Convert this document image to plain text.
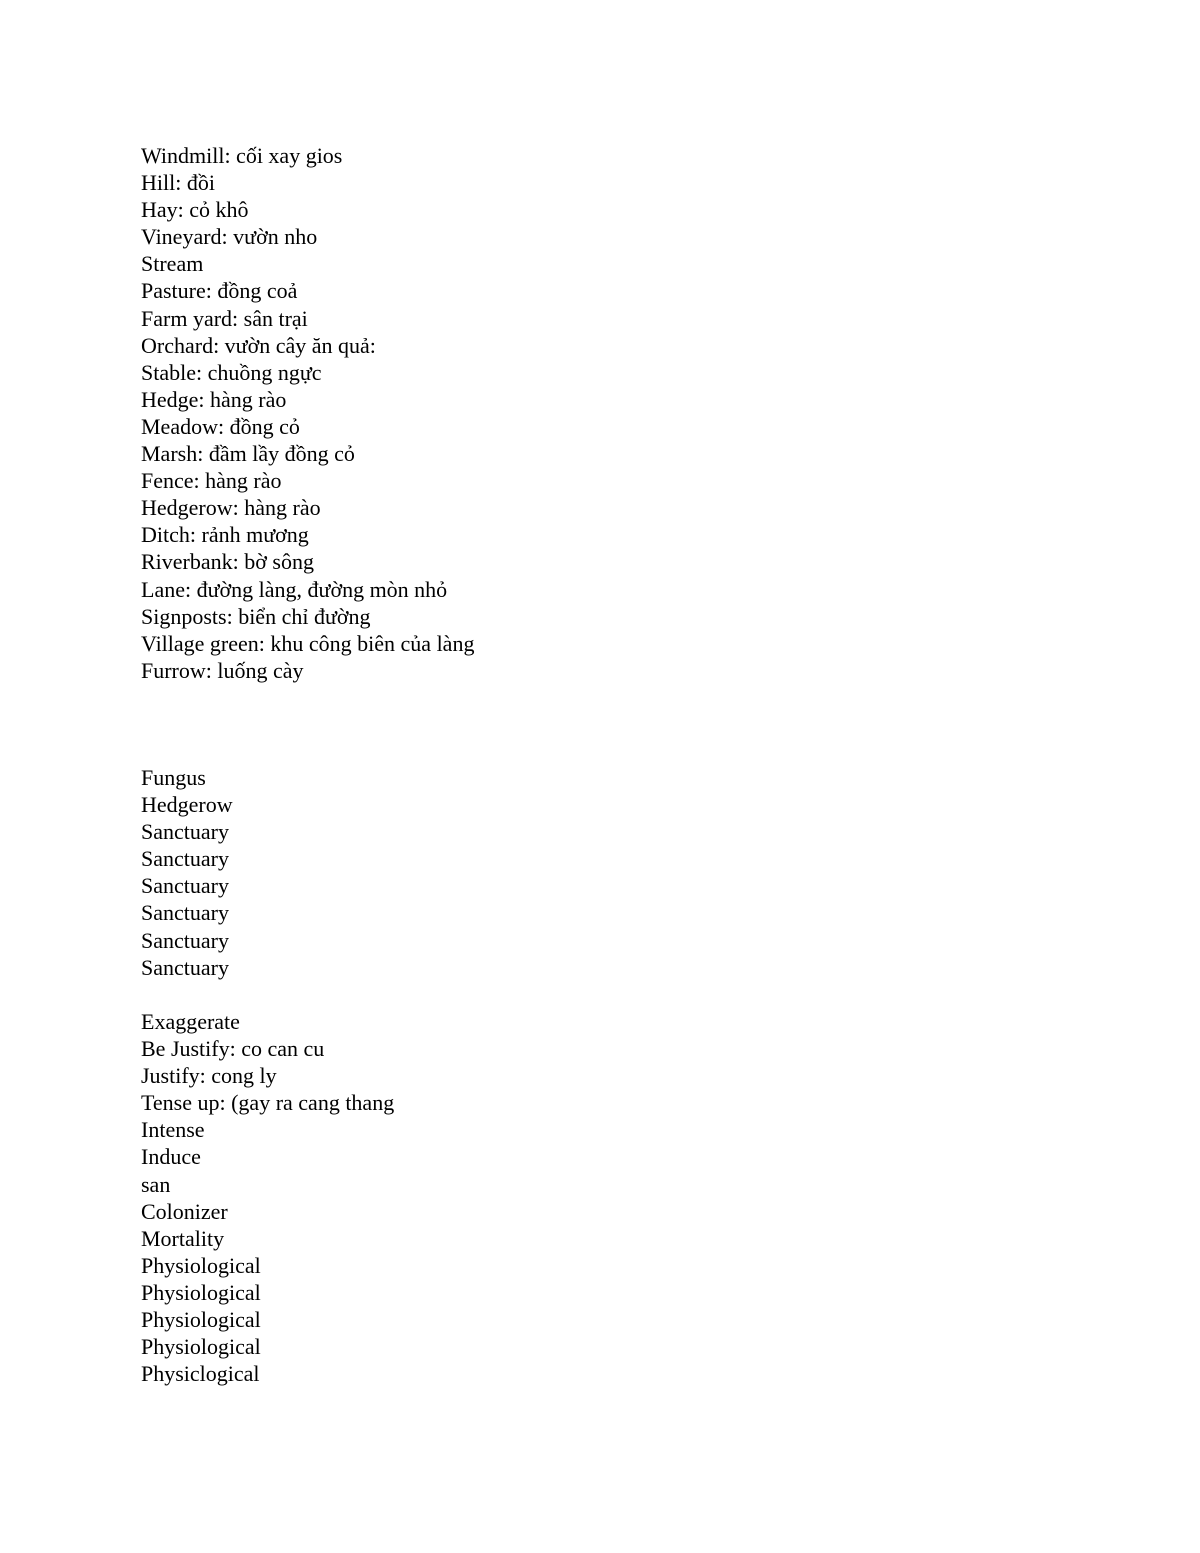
Windmill: cối xay gios
Hill: đồi
Hay: cỏ khô
Vineyard: vườn nho
Stream
Pasture: đồng coả
Farm yard: sân trại
Orchard: vườn cây ăn quả:
Stable: chuồng ngực
Hedge: hàng rào
Meadow: đồng cỏ
Marsh: đầm lầy đồng cỏ
Fence: hàng rào
Hedgerow: hàng rào
Ditch: rảnh mương
Riverbank: bờ sông
Lane: đường làng, đường mòn nhỏ
Signposts: biển chỉ đường
Village green: khu công biên của làng
Furrow: luống cày
Fungus
Hedgerow
Sanctuary
Sanctuary
Sanctuary
Sanctuary
Sanctuary
Sanctuary
Exaggerate
Be Justify: co can cu
Justify: cong ly
Tense up: (gay ra cang thang
Intense
Induce
san
Colonizer
Mortality
Physiological
Physiological
Physiological
Physiological
Physiclogical
